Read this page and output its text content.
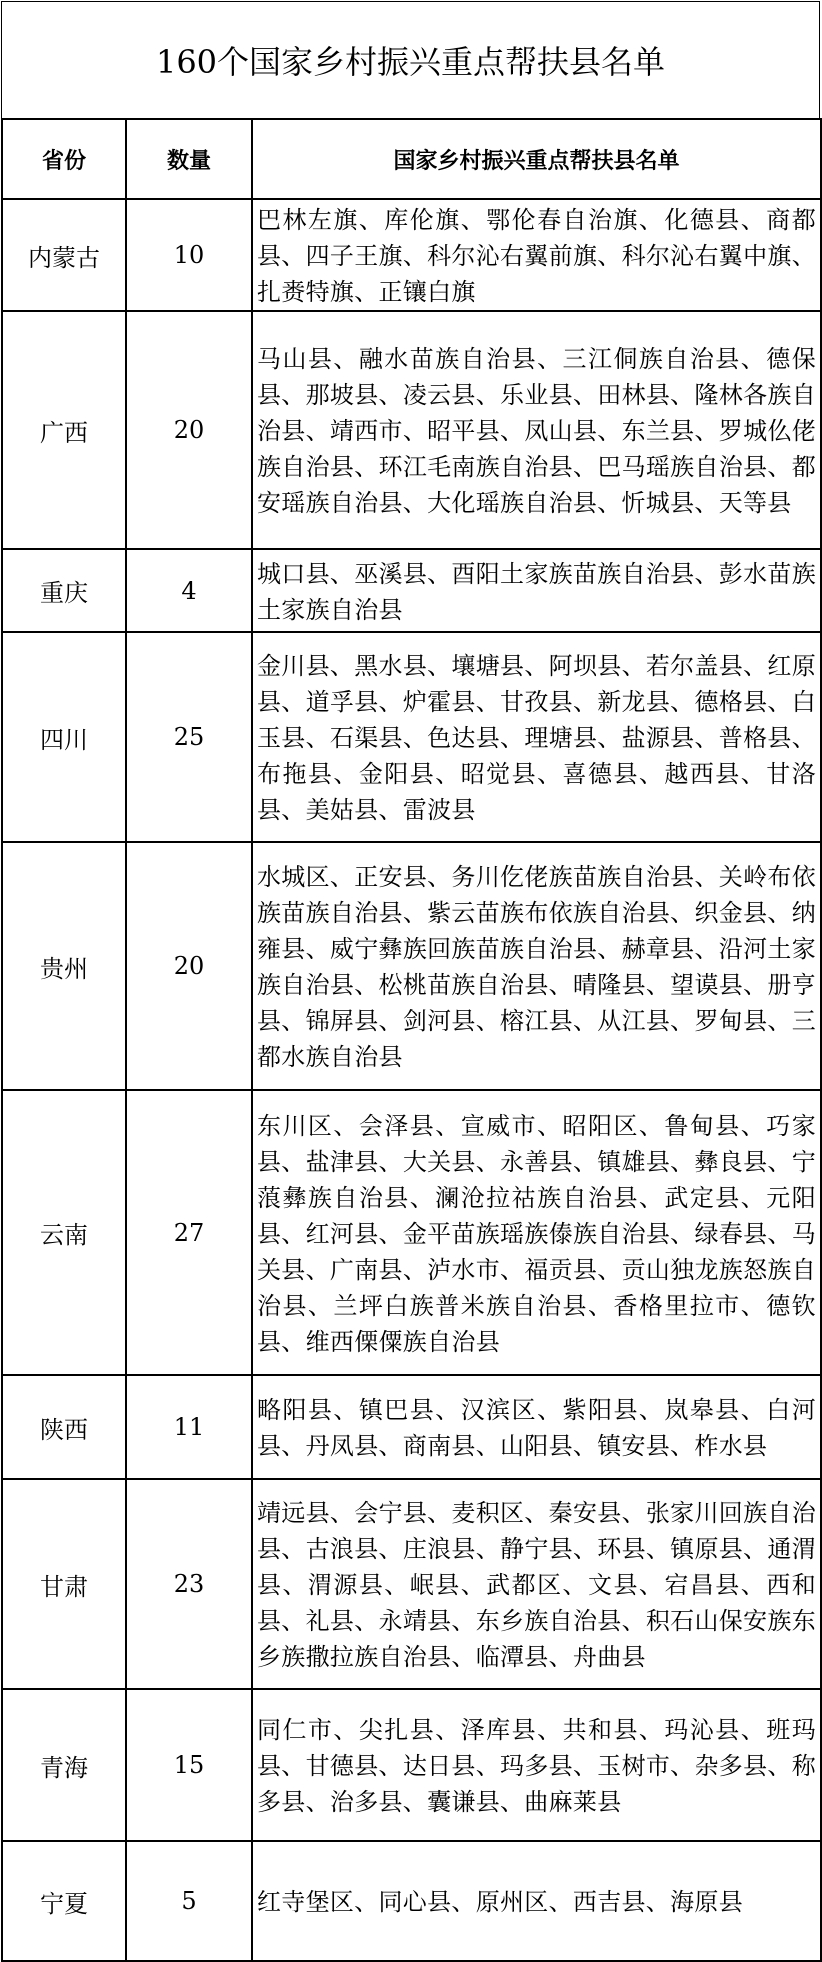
160个国家乡村振兴重点帮扶县名单
省份	数量	国家乡村振兴重点帮扶县名单
内蒙古	10	巴林左旗、库伦旗、鄂伦春自治旗、化德县、商都县、四子王旗、科尔沁右翼前旗、科尔沁右翼中旗、扎赉特旗、正镶白旗
广西	20	马山县、融水苗族自治县、三江侗族自治县、德保县、那坡县、凌云县、乐业县、田林县、隆林各族自治县、靖西市、昭平县、凤山县、东兰县、罗城仫佬族自治县、环江毛南族自治县、巴马瑶族自治县、都安瑶族自治县、大化瑶族自治县、忻城县、天等县
重庆	4	城口县、巫溪县、酉阳土家族苗族自治县、彭水苗族土家族自治县
四川	25	金川县、黑水县、壤塘县、阿坝县、若尔盖县、红原县、道孚县、炉霍县、甘孜县、新龙县、德格县、白玉县、石渠县、色达县、理塘县、盐源县、普格县、布拖县、金阳县、昭觉县、喜德县、越西县、甘洛县、美姑县、雷波县
贵州	20	水城区、正安县、务川仡佬族苗族自治县、关岭布依族苗族自治县、紫云苗族布依族自治县、织金县、纳雍县、威宁彝族回族苗族自治县、赫章县、沿河土家族自治县、松桃苗族自治县、晴隆县、望谟县、册亨县、锦屏县、剑河县、榕江县、从江县、罗甸县、三都水族自治县
云南	27	东川区、会泽县、宣威市、昭阳区、鲁甸县、巧家县、盐津县、大关县、永善县、镇雄县、彝良县、宁蒗彝族自治县、澜沧拉祜族自治县、武定县、元阳县、红河县、金平苗族瑶族傣族自治县、绿春县、马关县、广南县、泸水市、福贡县、贡山独龙族怒族自治县、兰坪白族普米族自治县、香格里拉市、德钦县、维西傈僳族自治县
陕西	11	略阳县、镇巴县、汉滨区、紫阳县、岚皋县、白河县、丹凤县、商南县、山阳县、镇安县、柞水县
甘肃	23	靖远县、会宁县、麦积区、秦安县、张家川回族自治县、古浪县、庄浪县、静宁县、环县、镇原县、通渭县、渭源县、岷县、武都区、文县、宕昌县、西和县、礼县、永靖县、东乡族自治县、积石山保安族东乡族撒拉族自治县、临潭县、舟曲县
青海	15	同仁市、尖扎县、泽库县、共和县、玛沁县、班玛县、甘德县、达日县、玛多县、玉树市、杂多县、称多县、治多县、囊谦县、曲麻莱县
宁夏	5	红寺堡区、同心县、原州区、西吉县、海原县
